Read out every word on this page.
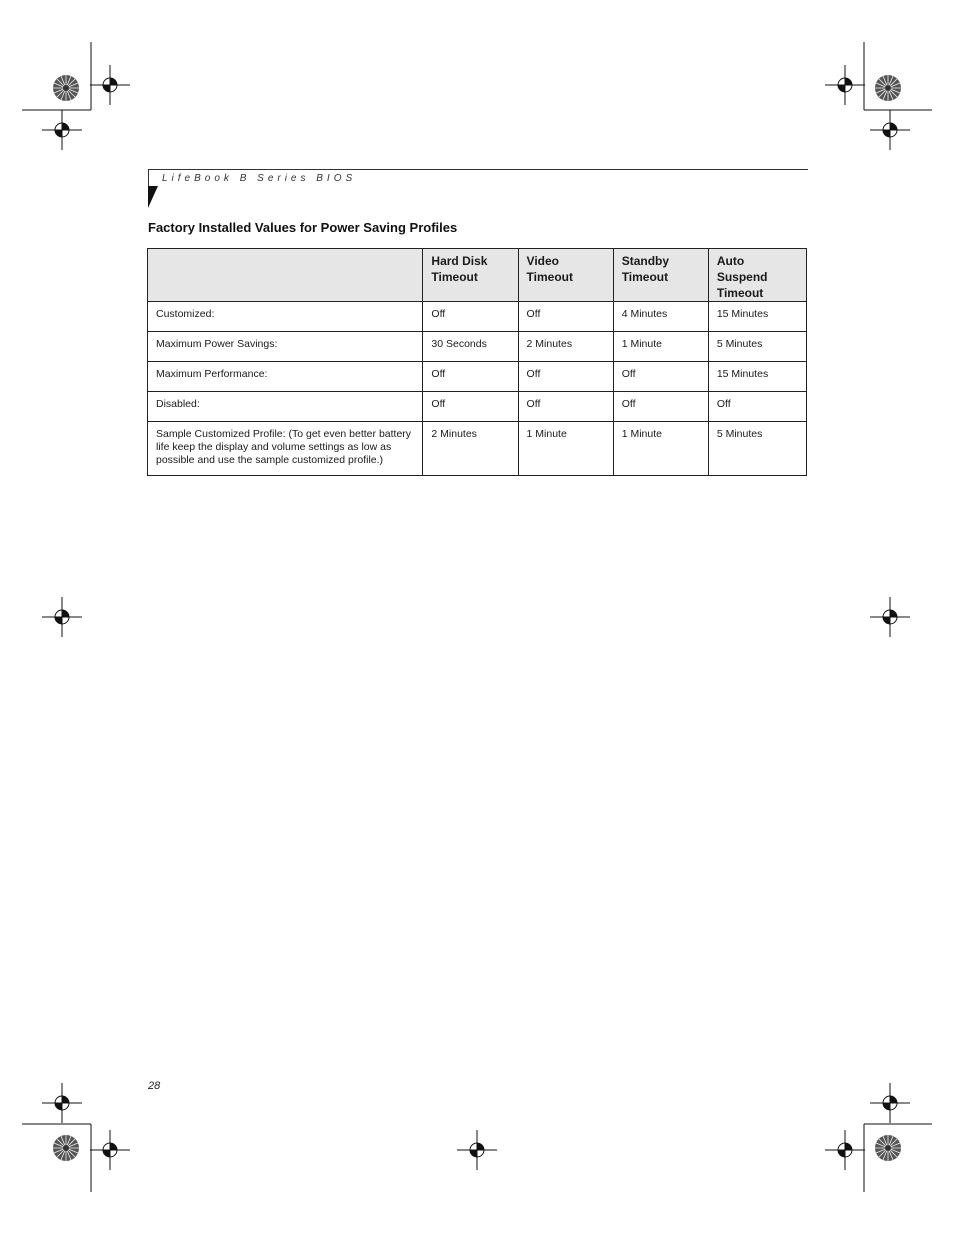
LifeBook B Series BIOS
Factory Installed Values for Power Saving Profiles
	Hard Disk Timeout	Video Timeout	Standby Timeout	Auto Suspend Timeout
Customized:	Off	Off	4 Minutes	15 Minutes
Maximum Power Savings:	30 Seconds	2 Minutes	1 Minute	5 Minutes
Maximum Performance:	Off	Off	Off	15 Minutes
Disabled:	Off	Off	Off	Off
Sample Customized Profile: (To get even better battery life keep the display and volume settings as low as possible and use the sample customized profile.)	2 Minutes	1 Minute	1 Minute	5 Minutes
28
